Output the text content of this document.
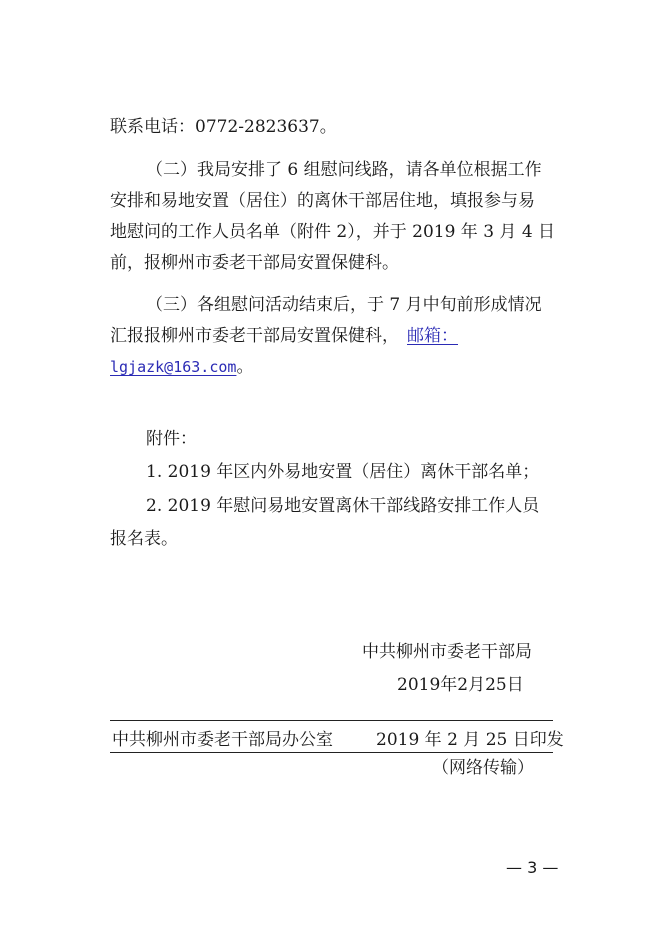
联系电话：0772-2823637。
（二）我局安排了 6 组慰问线路，请各单位根据工作
安排和易地安置（居住）的离休干部居住地，填报参与易
地慰问的工作人员名单（附件 2），并于 2019 年 3 月 4 日
前，报柳州市委老干部局安置保健科。
（三）各组慰问活动结束后，于 7 月中旬前形成情况
汇报报柳州市委老干部局安置保健科， 邮箱：
lgjazk@163.com。
附件：
1. 2019 年区内外易地安置（居住）离休干部名单；
2. 2019 年慰问易地安置离休干部线路安排工作人员
报名表。
中共柳州市委老干部局
2019年2月25日
中共柳州市委老干部局办公室	2019 年 2 月 25 日印发
（网络传输）
— 3 —
